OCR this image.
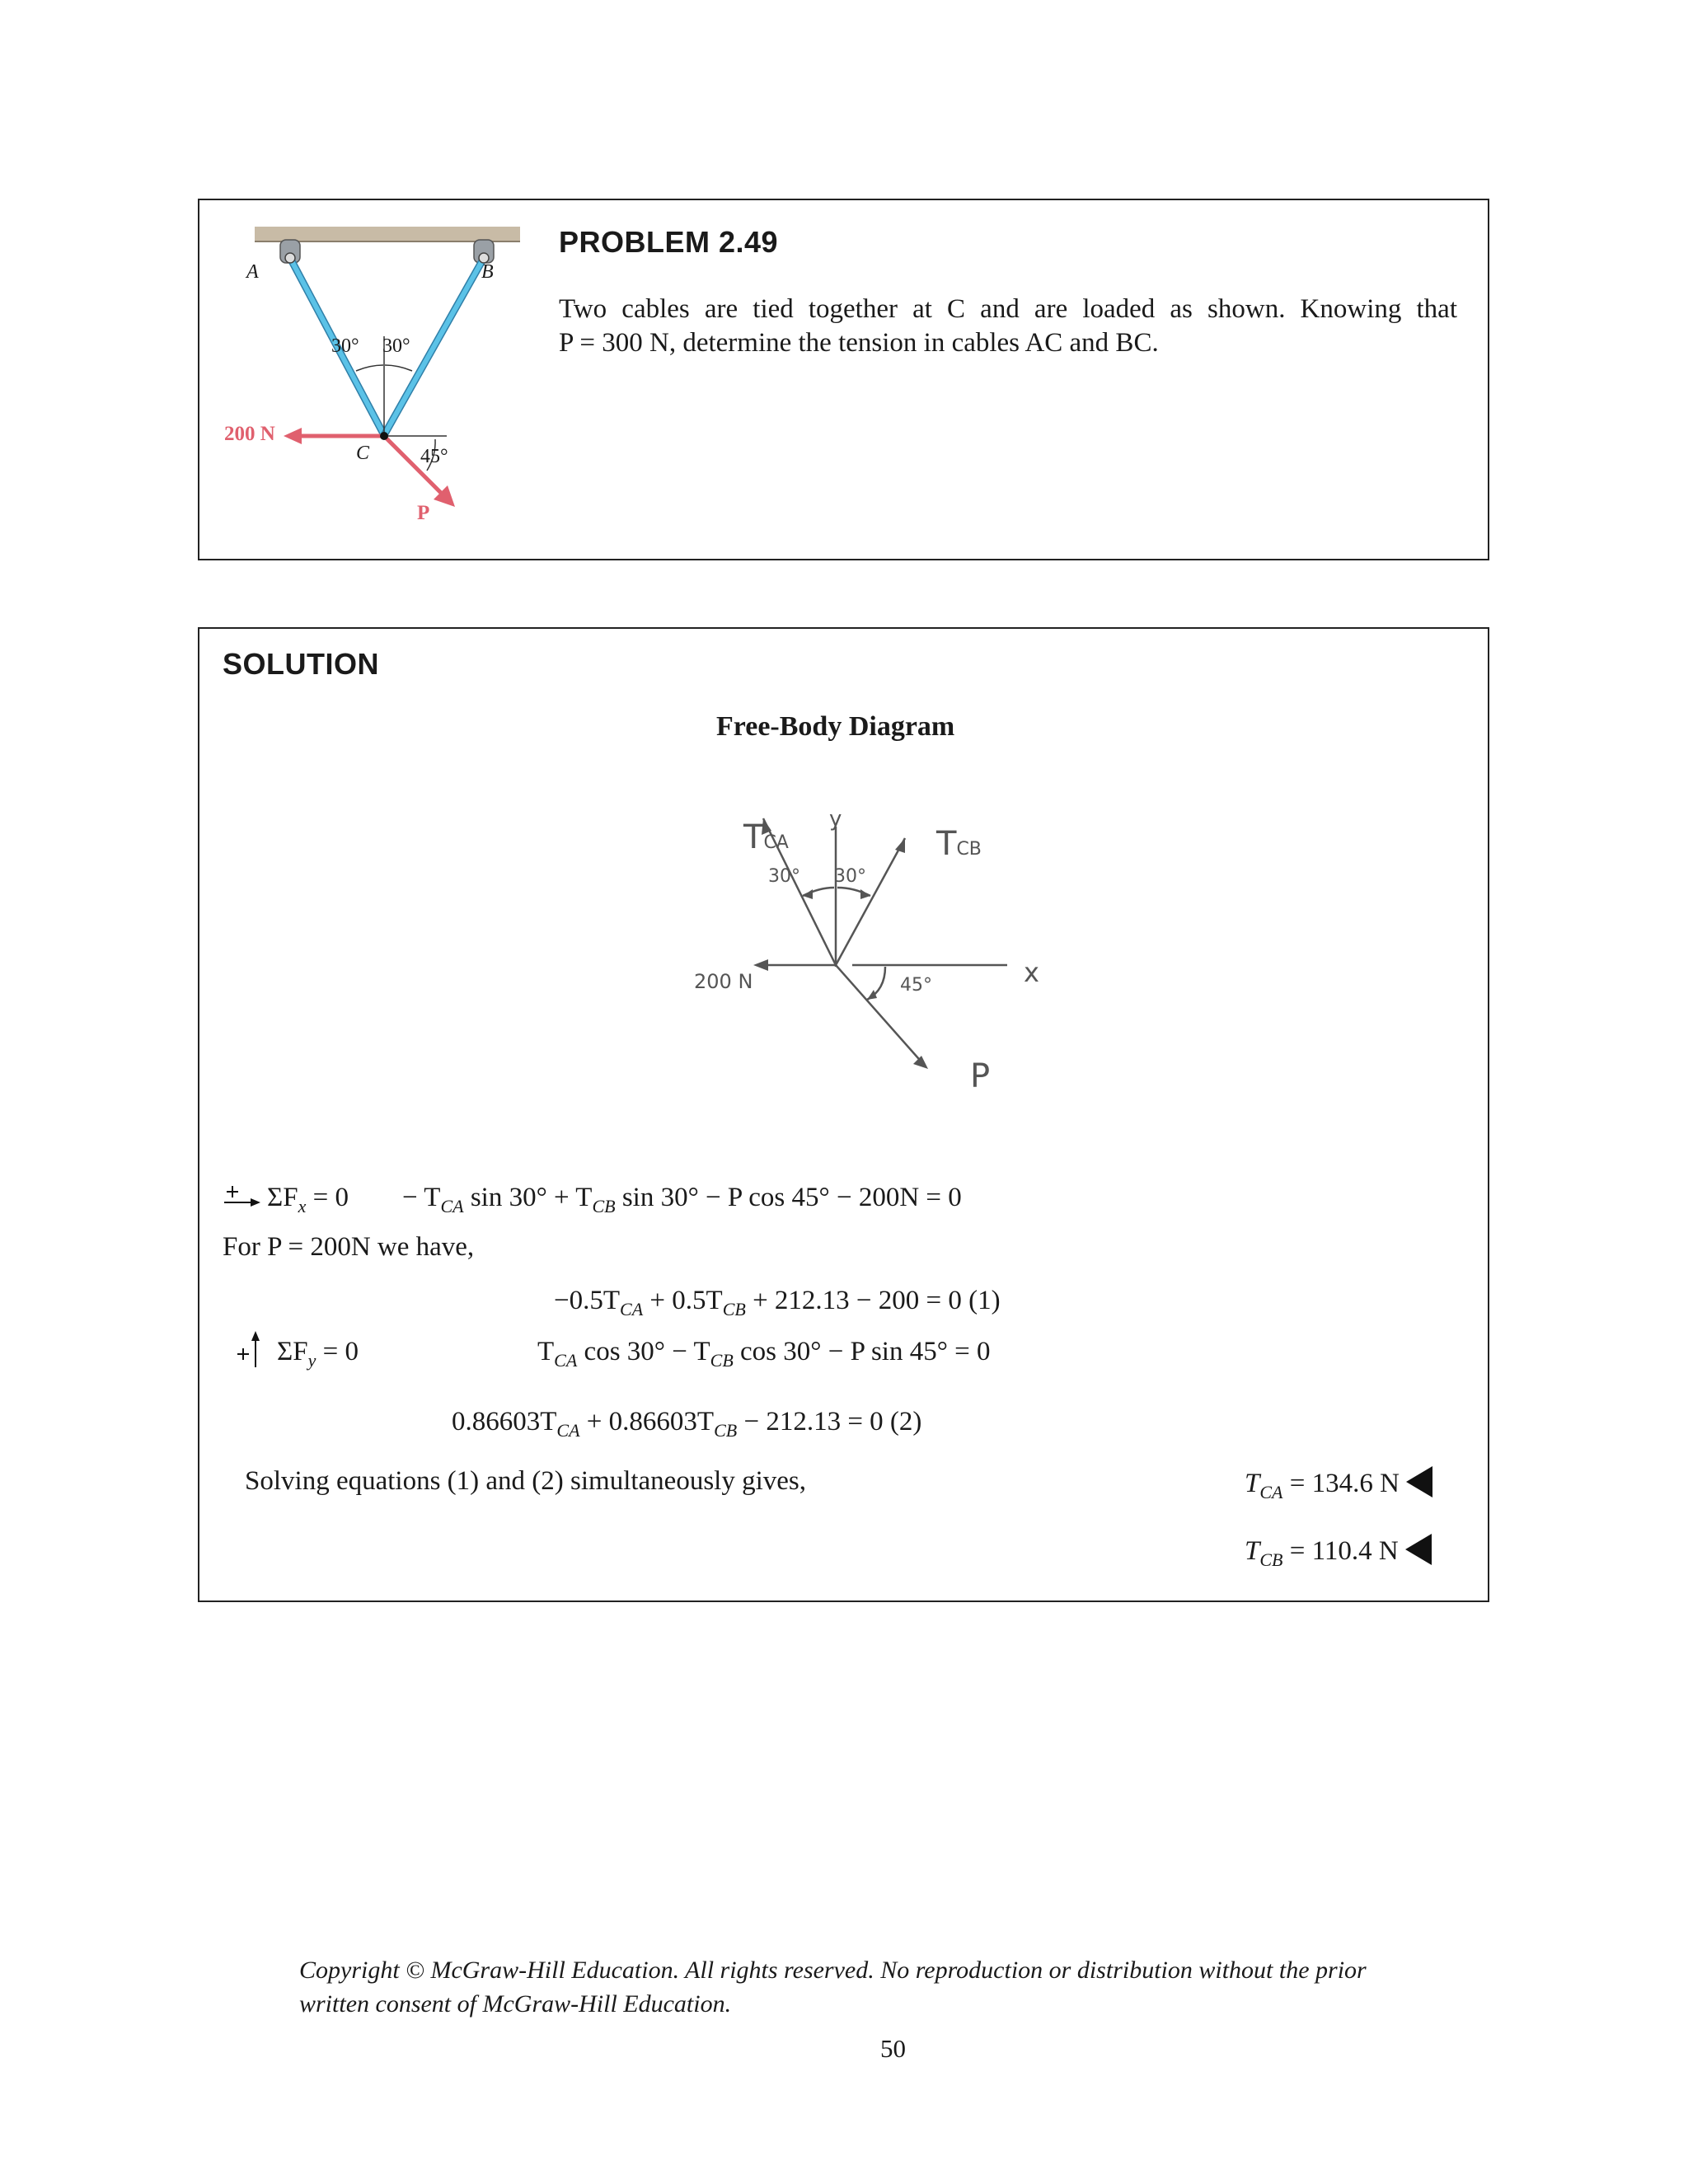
A	B
30° 30°
200 N
C	45°
P
PROBLEM 2.49
Two cables are tied together at C and are loaded as shown. Knowing that
P = 300 N, determine the tension in cables AC and BC.
SOLUTION
Free-Body Diagram
TCA	TCB
y
x
30° 30°
200 N	45°
P
$\Sigma F_x = 0 - T_{CA}$ $\sin 30^\circ + T_{CB}$ sin 30° − P cos 45° − 200N = 0
For P = 200N we have,
$-0.5T_{CA} + 0.5T_{CB} + 212.13 - 200 = 0$ (1)
$\Sigma F_y = 0$	$T_{CA}$ $\cos 30^\circ - T_{CB}$ cos 30° − P sin 45° = 0
$0.86603T_{CA} + 0.86603T_{CB} - 212.13 = 0$ (2)
Solving equations (1) and (2) simultaneously gives,	$T_{CA} = 134.6$ N
$T_{CB} = 110.4$ N
Copyright © McGraw-Hill Education. All rights reserved. No reproduction or distribution without the prior written consent of McGraw-Hill Education.
50
